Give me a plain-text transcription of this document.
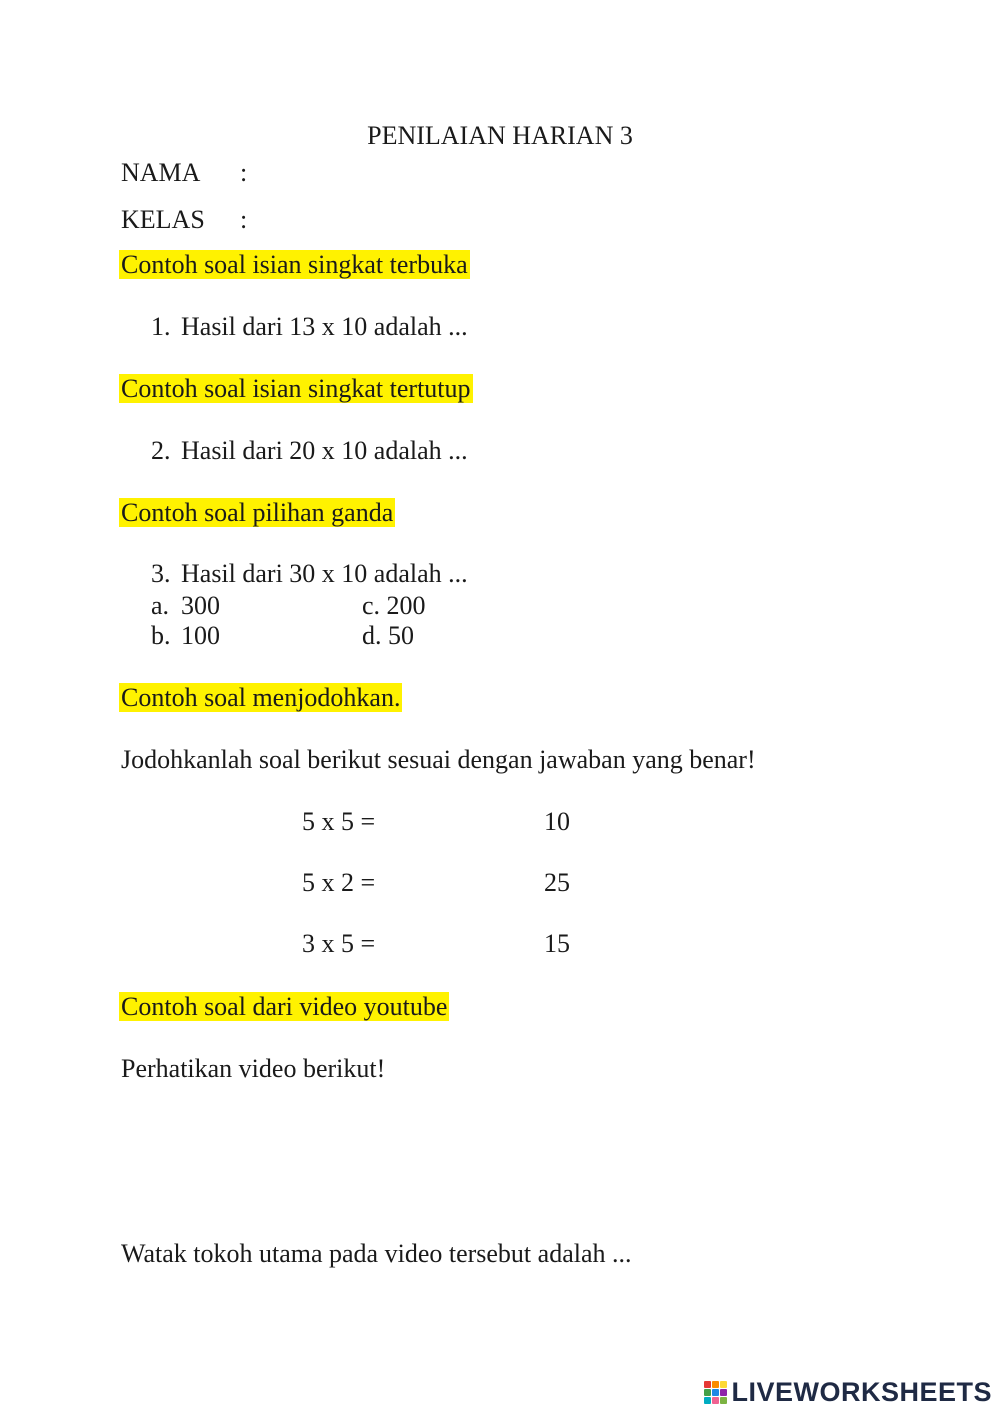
PENILAIAN HARIAN 3
NAMA :
KELAS :
Contoh soal isian singkat terbuka
1. Hasil dari 13 x 10 adalah ...
Contoh soal isian singkat tertutup
2. Hasil dari 20 x 10 adalah ...
Contoh soal pilihan ganda
3. Hasil dari 30 x 10 adalah ...
a. 300	c. 200
b. 100	d. 50
Contoh soal menjodohkan.
Jodohkanlah soal berikut sesuai dengan jawaban yang benar!
5 x 5 =	10
5 x 2 =	25
3 x 5 =	15
Contoh soal dari video youtube
Perhatikan video berikut!
Watak tokoh utama pada video tersebut adalah ...
LIVEWORKSHEETS
